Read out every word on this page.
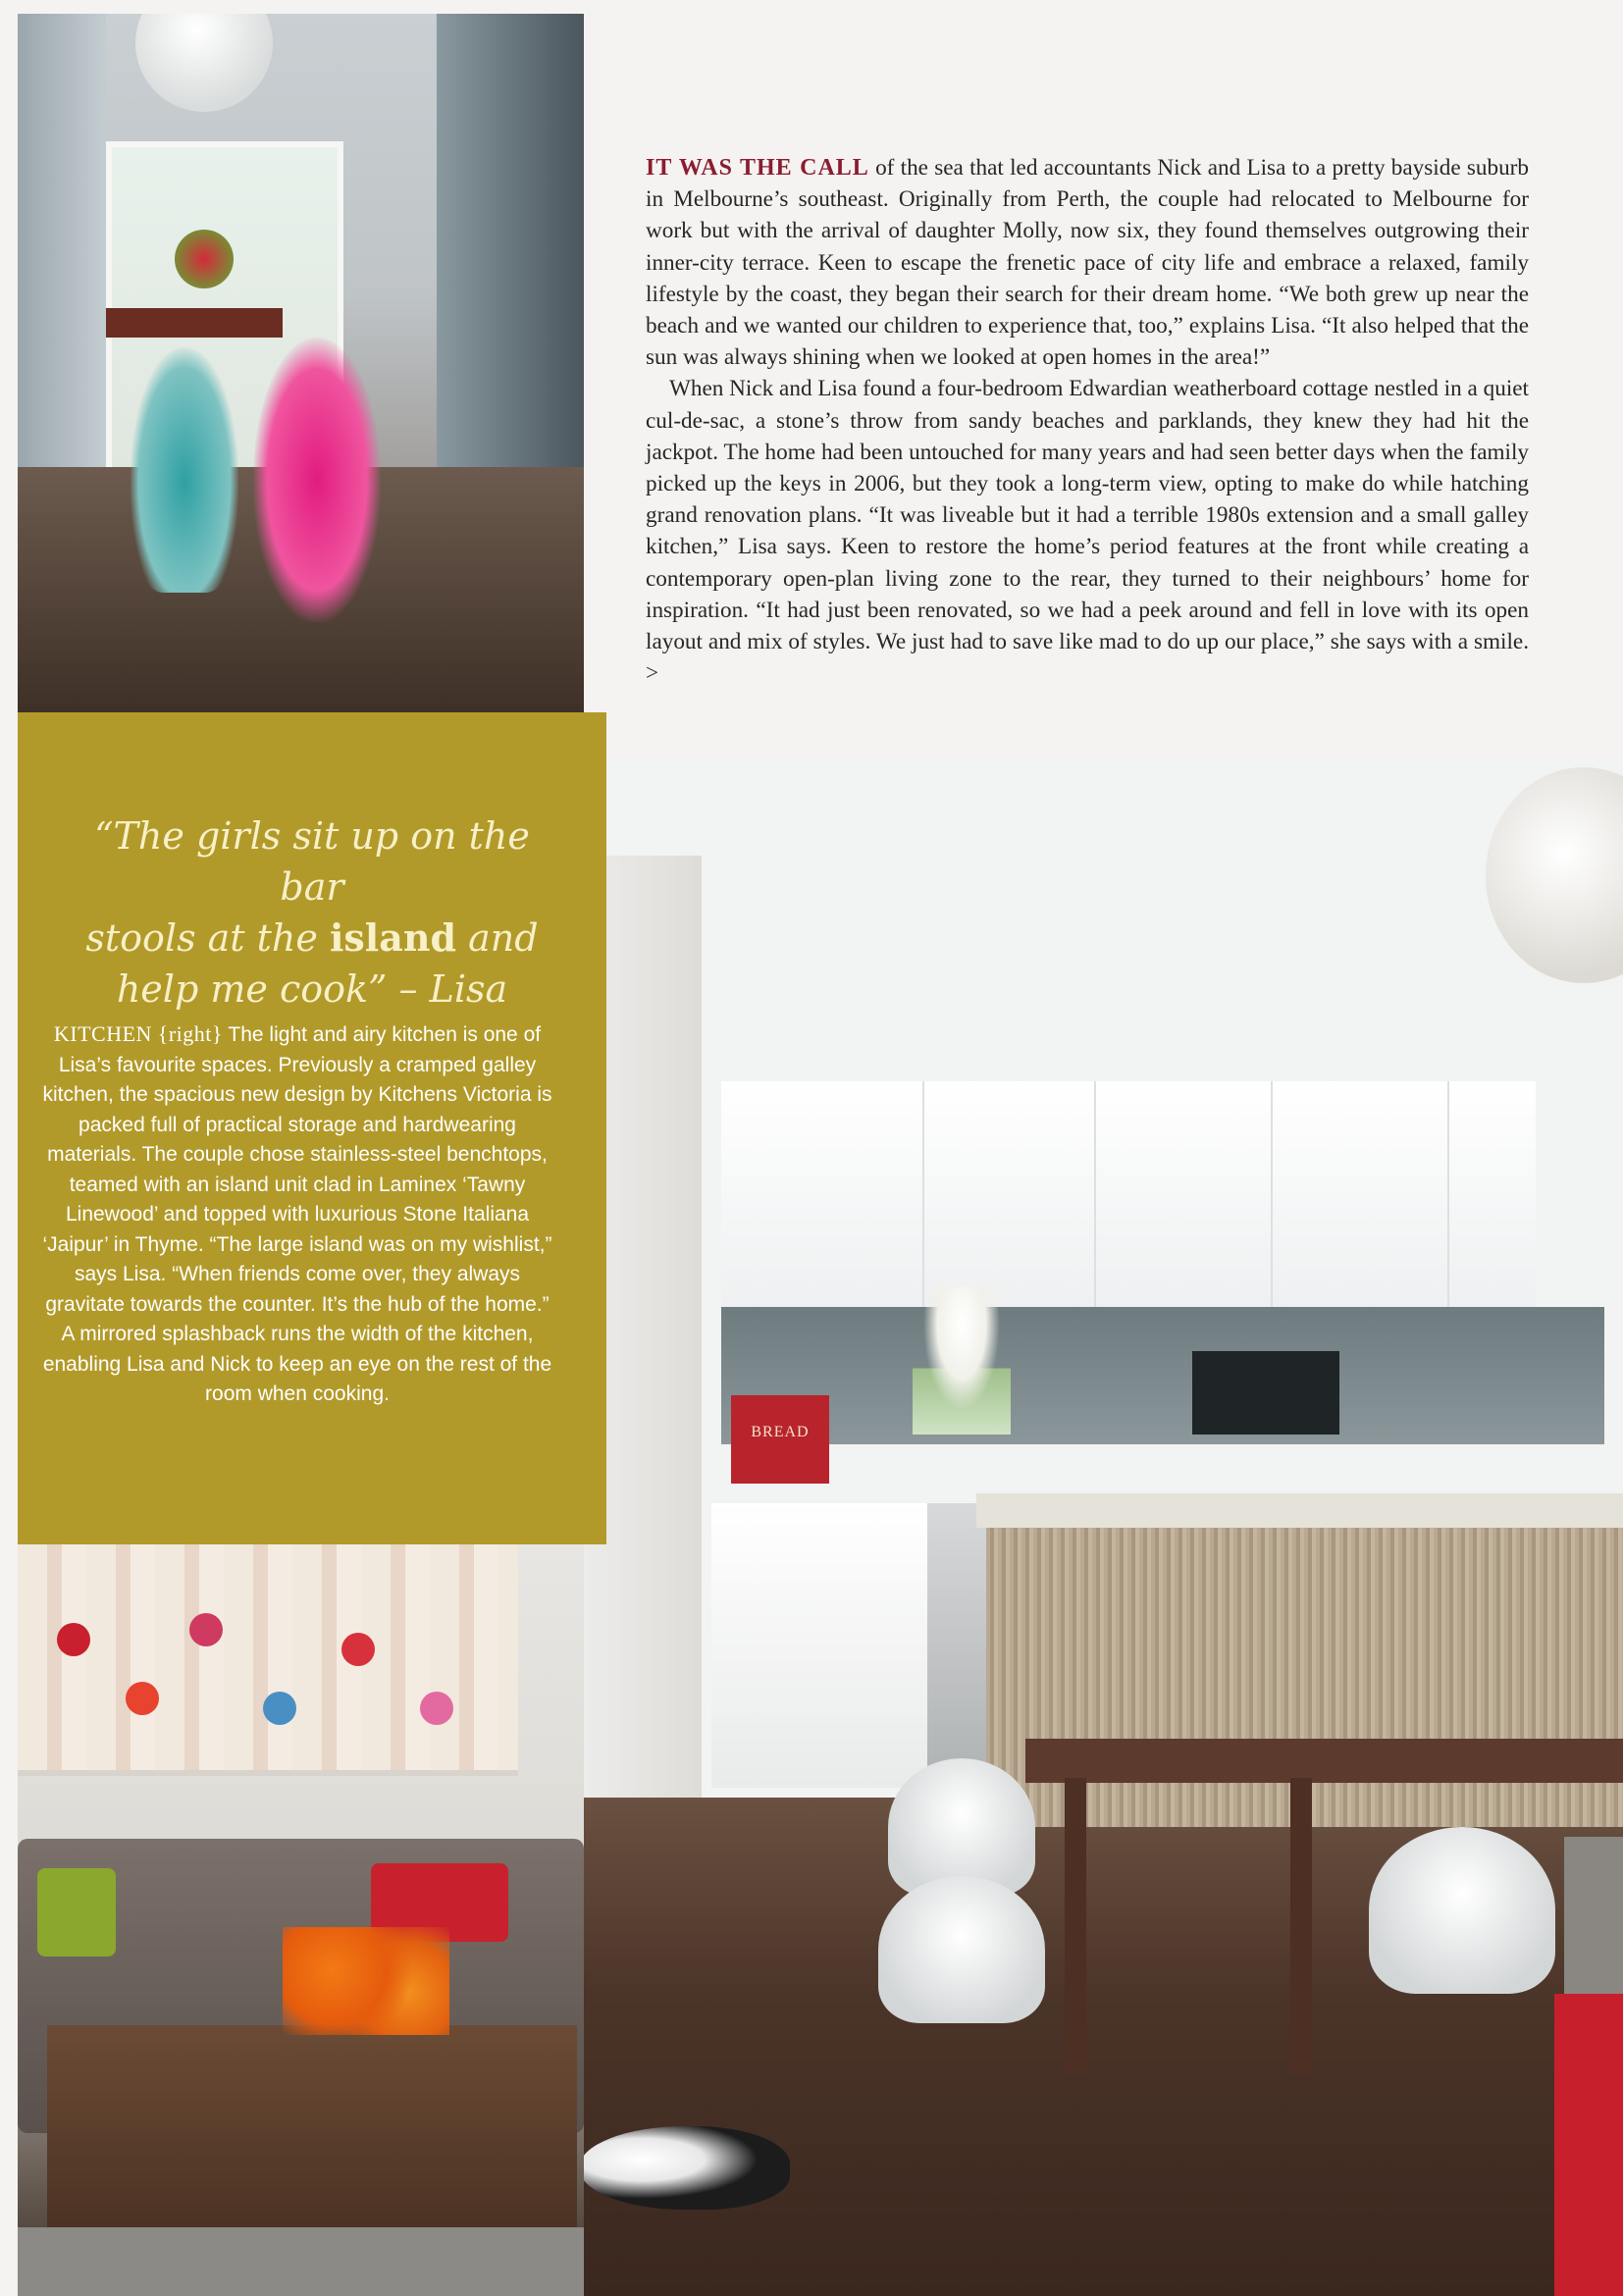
BREAD
“The girls sit up on the bar
stools at the island and
help me cook” – Lisa
KITCHEN {right} The light and airy kitchen is one of Lisa’s favourite spaces. Previously a cramped galley kitchen, the spacious new design by Kitchens Victoria is packed full of practical storage and hardwearing materials. The couple chose stainless-steel benchtops, teamed with an island unit clad in Laminex ‘Tawny Linewood’ and topped with luxurious Stone Italiana ‘Jaipur’ in Thyme. “The large island was on my wishlist,” says Lisa. “When friends come over, they always gravitate towards the counter. It’s the hub of the home.” A mirrored splashback runs the width of the kitchen, enabling Lisa and Nick to keep an eye on the rest of the room when cooking.

IT WAS THE CALL of the sea that led accountants Nick and Lisa to a pretty bayside suburb in Melbourne’s southeast. Originally from Perth, the couple had relocated to Melbourne for work but with the arrival of daughter Molly, now six, they found themselves outgrowing their inner-city terrace. Keen to escape the frenetic pace of city life and embrace a relaxed, family lifestyle by the coast, they began their search for their dream home. “We both grew up near the beach and we wanted our children to experience that, too,” explains Lisa. “It also helped that the sun was always shining when we looked at open homes in the area!”

When Nick and Lisa found a four-bedroom Edwardian weatherboard cottage nestled in a quiet cul-de-sac, a stone’s throw from sandy beaches and parklands, they knew they had hit the jackpot. The home had been untouched for many years and had seen better days when the family picked up the keys in 2006, but they took a long-term view, opting to make do while hatching grand renovation plans. “It was liveable but it had a terrible 1980s extension and a small galley kitchen,” Lisa says. Keen to restore the home’s period features at the front while creating a contemporary open-plan living zone to the rear, they turned to their neighbours’ home for inspiration. “It had just been renovated, so we had a peek around and fell in love with its open layout and mix of styles. We just had to save like mad to do up our place,” she says with a smile. >
